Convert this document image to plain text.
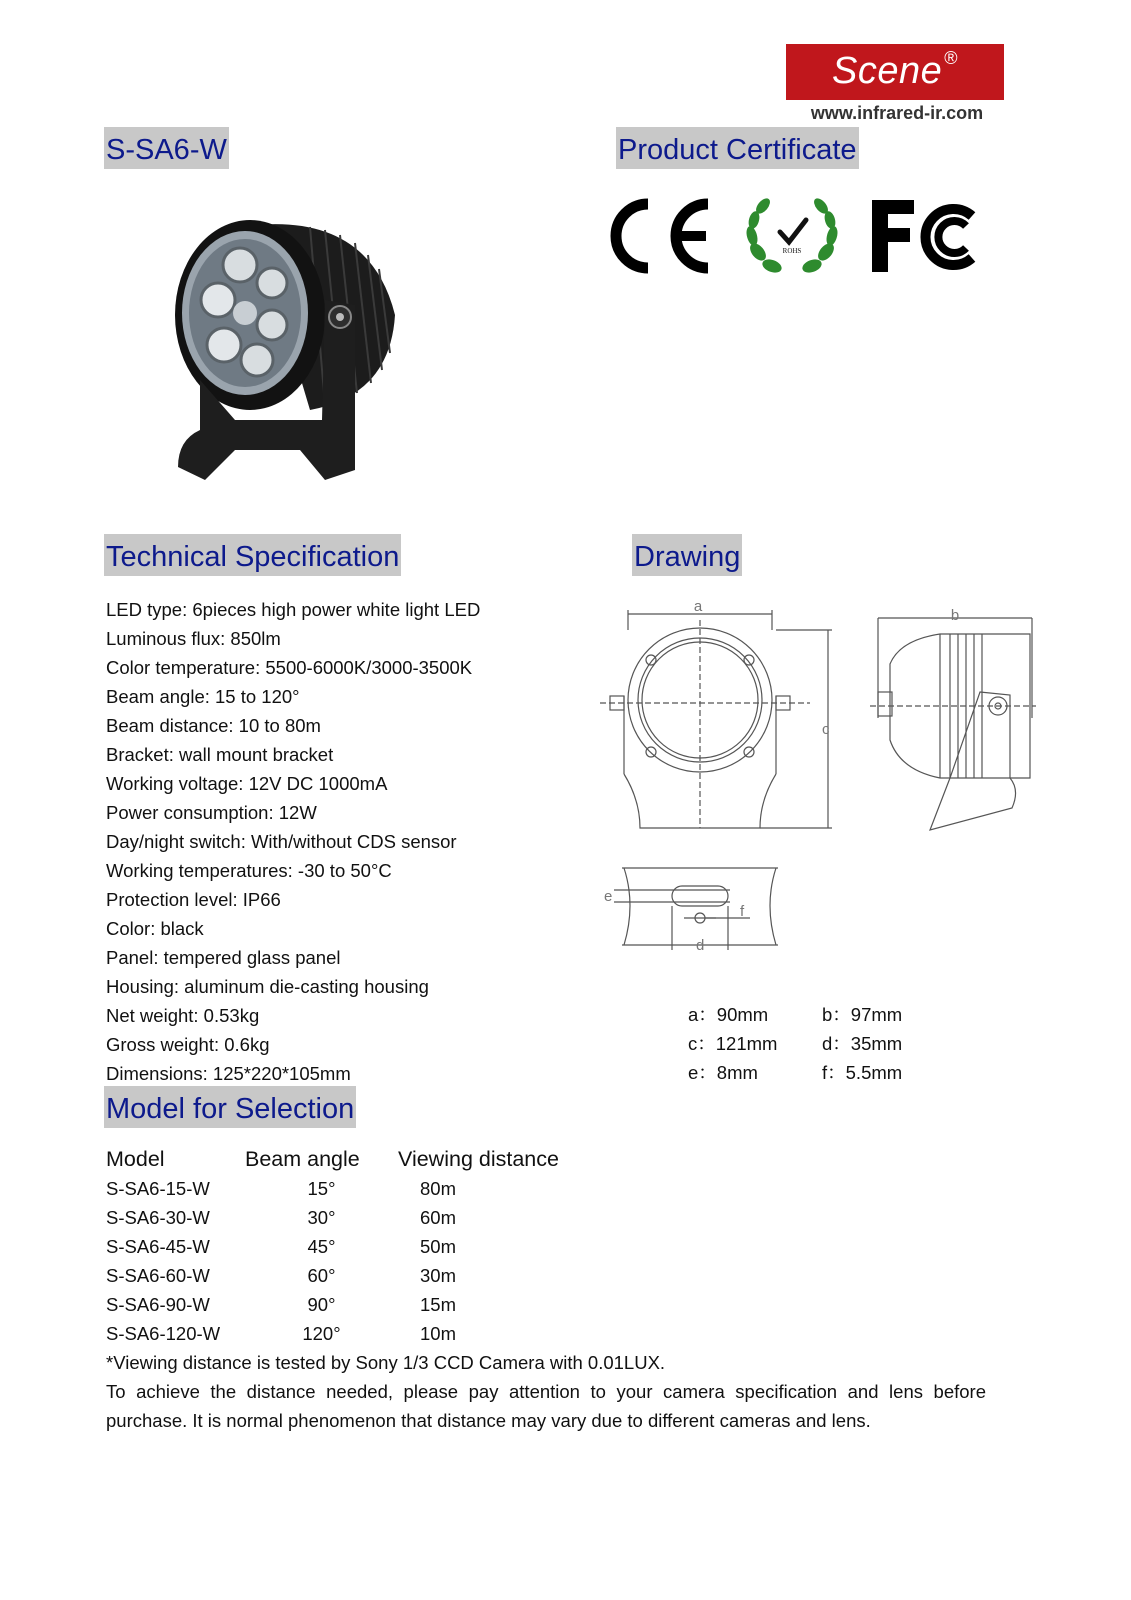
Scene ®
www.infrared-ir.com
S-SA6-W	Product Certificate
Technical Specification	Drawing
Model for Selection
ROHS
LED type: 6pieces high power white light LED
Luminous flux: 850lm
Color temperature: 5500-6000K/3000-3500K
Beam angle: 15 to 120°
Beam distance: 10 to 80m
Bracket: wall mount bracket
Working voltage: 12V DC 1000mA
Power consumption: 12W
Day/night switch: With/without CDS sensor
Working temperatures: -30 to 50°C
Protection level: IP66
Color: black
Panel: tempered glass panel
Housing: aluminum die-casting housing
Net weight: 0.53kg
Gross weight: 0.6kg
Dimensions: 125*220*105mm
a
b
c
d
e
f
a：90mm	b：97mm
c：121mm	d：35mm
e：8mm	f：5.5mm
Model	Beam angle	Viewing distance
S-SA6-15-W	15°	80m
S-SA6-30-W	30°	60m
S-SA6-45-W	45°	50m
S-SA6-60-W	60°	30m
S-SA6-90-W	90°	15m
S-SA6-120-W	120°	10m
*Viewing distance is tested by Sony 1/3 CCD Camera with 0.01LUX.
To achieve the distance needed, please pay attention to your camera specification and lens before purchase. It is normal phenomenon that distance may vary due to different cameras and lens.
